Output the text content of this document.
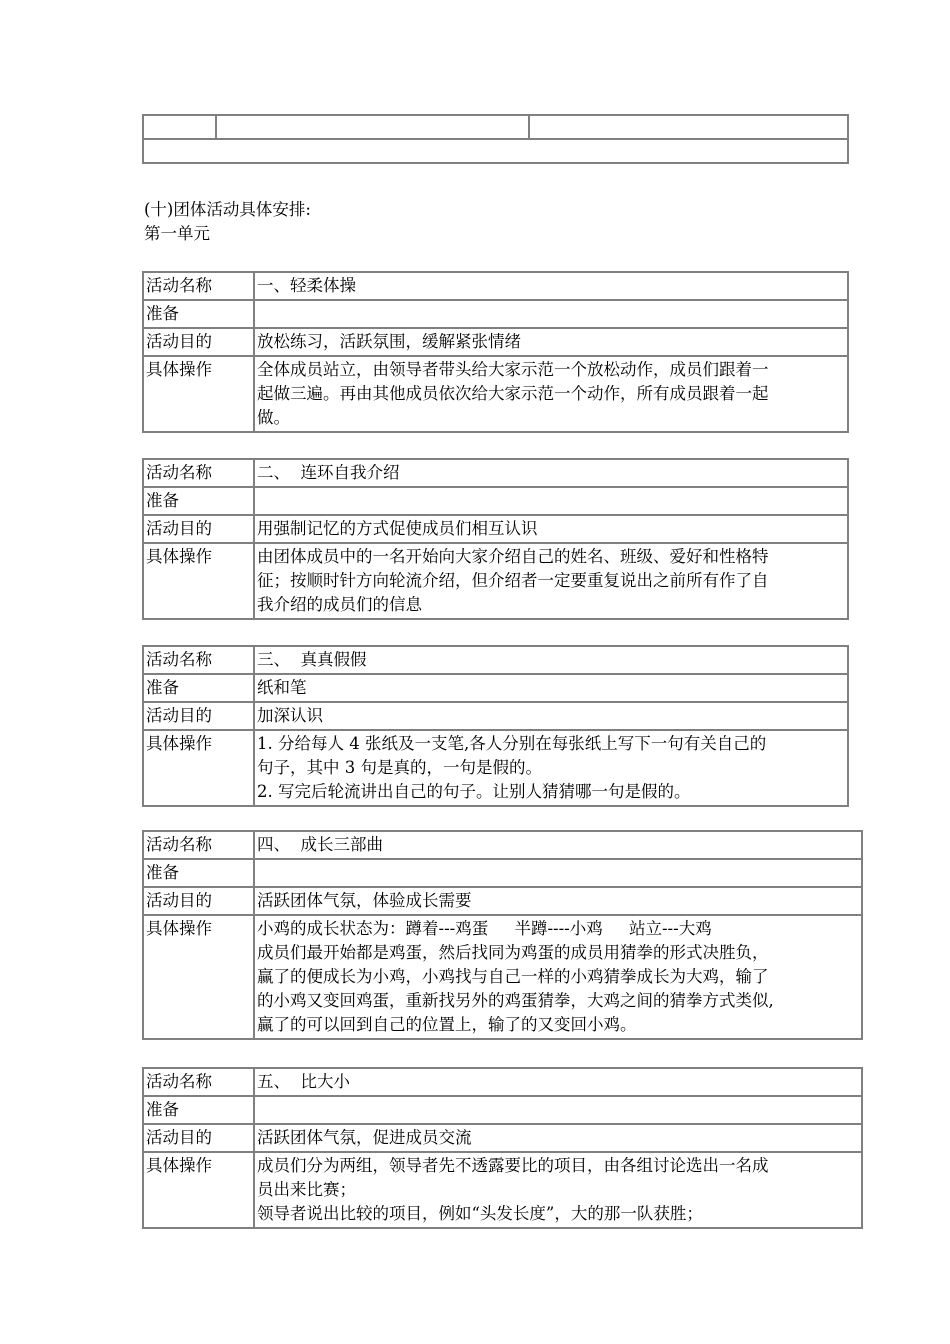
(十)团体活动具体安排:
第一单元
活动名称	一、轻柔体操

准备	

活动目的	放松练习，活跃氛围，缓解紧张情绪

具体操作	全体成员站立，由领导者带头给大家示范一个放松动作，成员们跟着一
起做三遍。再由其他成员依次给大家示范一个动作，所有成员跟着一起
做。
活动名称	二、  连环自我介绍

准备	

活动目的	用强制记忆的方式促使成员们相互认识

具体操作	由团体成员中的一名开始向大家介绍自己的姓名、班级、爱好和性格特
征；按顺时针方向轮流介绍，但介绍者一定要重复说出之前所有作了自
我介绍的成员们的信息
活动名称	三、  真真假假

准备	纸和笔

活动目的	加深认识

具体操作	1. 分给每人 4 张纸及一支笔,各人分别在每张纸上写下一句有关自己的
句子，其中 3 句是真的，一句是假的。
2. 写完后轮流讲出自己的句子。让别人猜猜哪一句是假的。
活动名称	四、  成长三部曲

准备	

活动目的	活跃团体气氛，体验成长需要

具体操作	小鸡的成长状态为：蹲着---鸡蛋     半蹲----小鸡     站立---大鸡
成员们最开始都是鸡蛋，然后找同为鸡蛋的成员用猜拳的形式决胜负，
赢了的便成长为小鸡，小鸡找与自己一样的小鸡猜拳成长为大鸡，输了
的小鸡又变回鸡蛋，重新找另外的鸡蛋猜拳，大鸡之间的猜拳方式类似,
赢了的可以回到自己的位置上，输了的又变回小鸡。
活动名称	五、  比大小

准备	

活动目的	活跃团体气氛，促进成员交流

具体操作	成员们分为两组，领导者先不透露要比的项目，由各组讨论选出一名成
员出来比赛；
领导者说出比较的项目，例如“头发长度”，大的那一队获胜；
